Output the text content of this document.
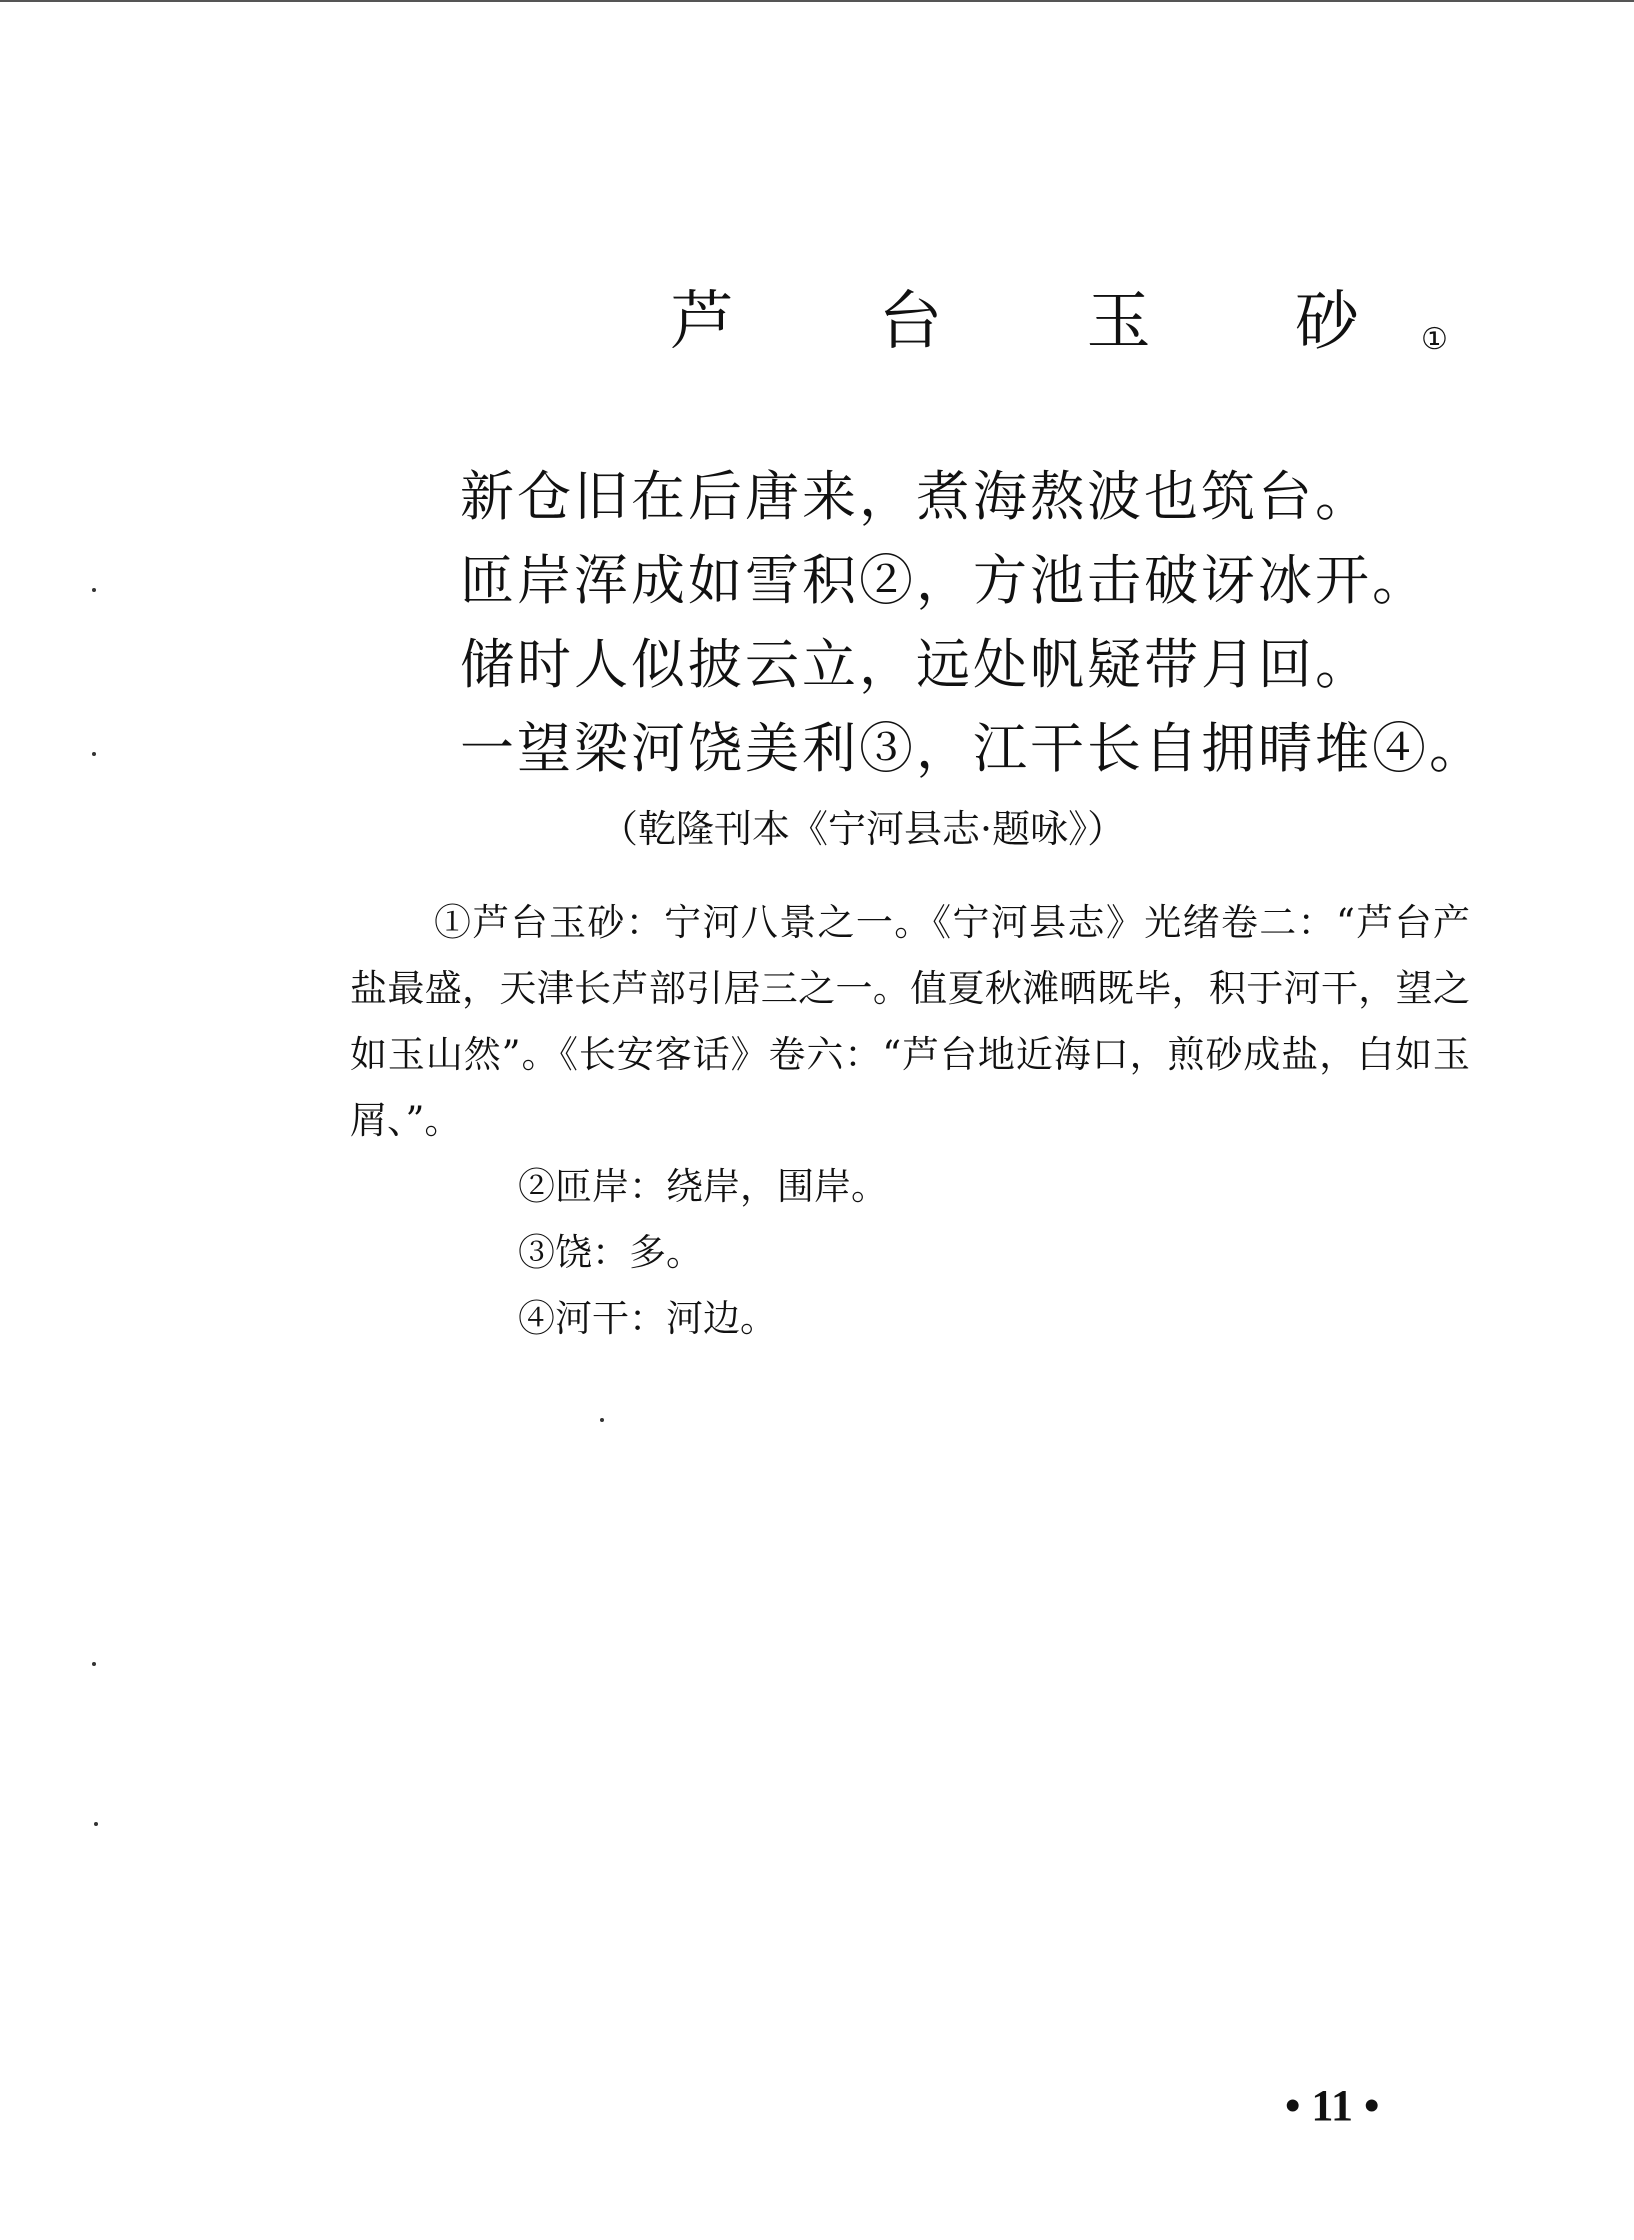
芦 台 玉 砂①
新仓旧在后唐来，煮海熬波也筑台。
匝岸浑成如雪积②，方池击破讶冰开。
储时人似披云立，远处帆疑带月回。
一望梁河饶美利③，江干长自拥晴堆④。
（乾隆刊本《宁河县志·题咏》）

①芦台玉砂：宁河八景之一。《宁河县志》光绪卷二：“芦台产盐最盛，天津长芦部引居三之一。值夏秋滩晒既毕，积于河干，望之如玉山然”。《长安客话》卷六：“芦台地近海口，煎砂成盐，白如玉屑、”。

②匝岸：绕岸，围岸。

③饶：多。

④河干：河边。

• 11 •
